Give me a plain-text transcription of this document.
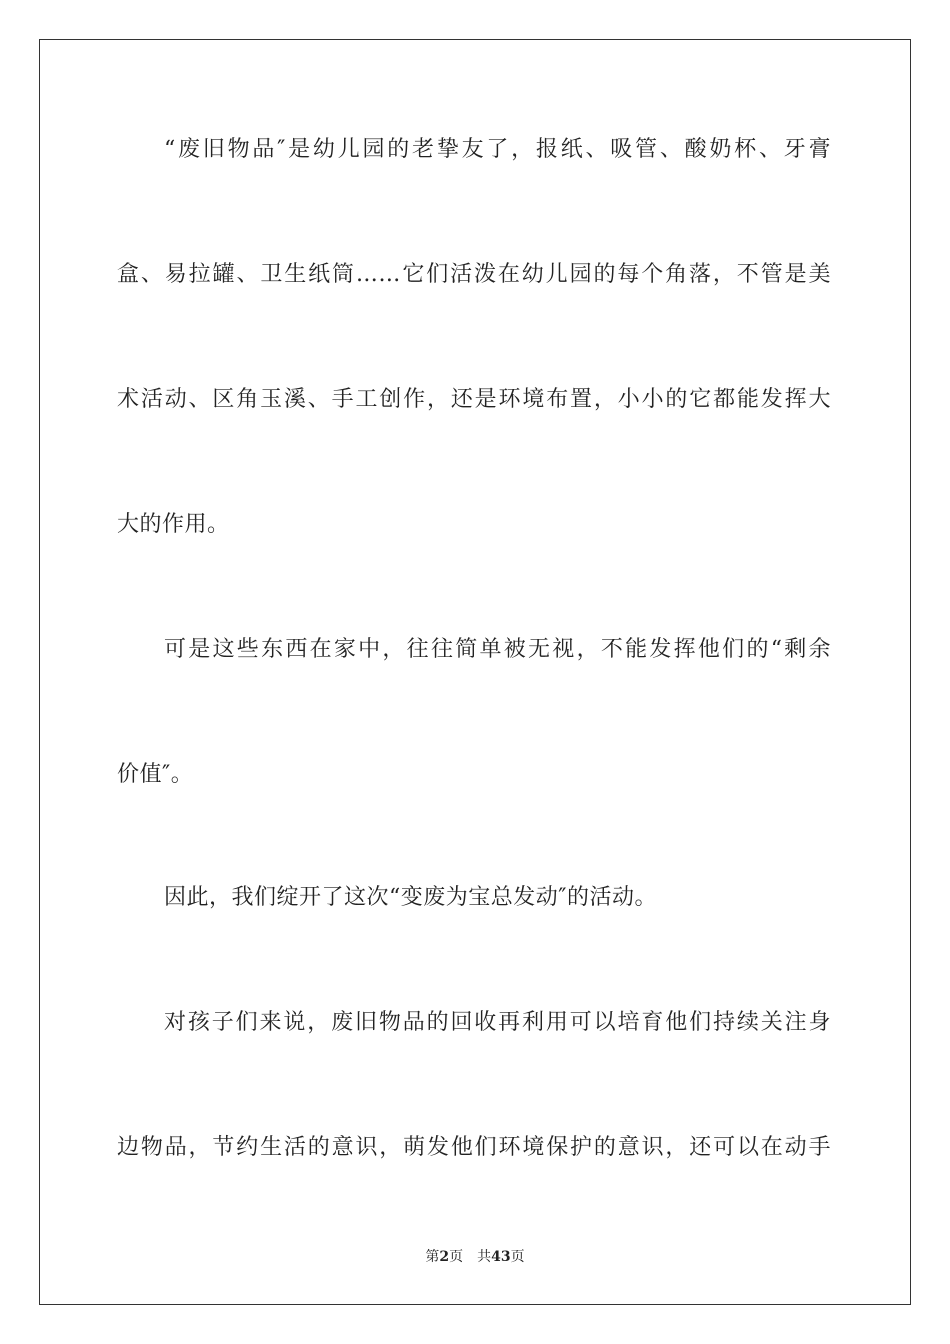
“废旧物品″是幼儿园的老挚友了，报纸、吸管、酸奶杯、牙膏
盒、易拉罐、卫生纸筒……它们活泼在幼儿园的每个角落，不管是美
术活动、区角玉溪、手工创作，还是环境布置，小小的它都能发挥大
大的作用。
可是这些东西在家中，往往简单被无视，不能发挥他们的“剩余
价值″。
因此，我们绽开了这次“变废为宝总发动″的活动。
对孩子们来说，废旧物品的回收再利用可以培育他们持续关注身
边物品，节约生活的意识，萌发他们环境保护的意识，还可以在动手
第2页　共43页
